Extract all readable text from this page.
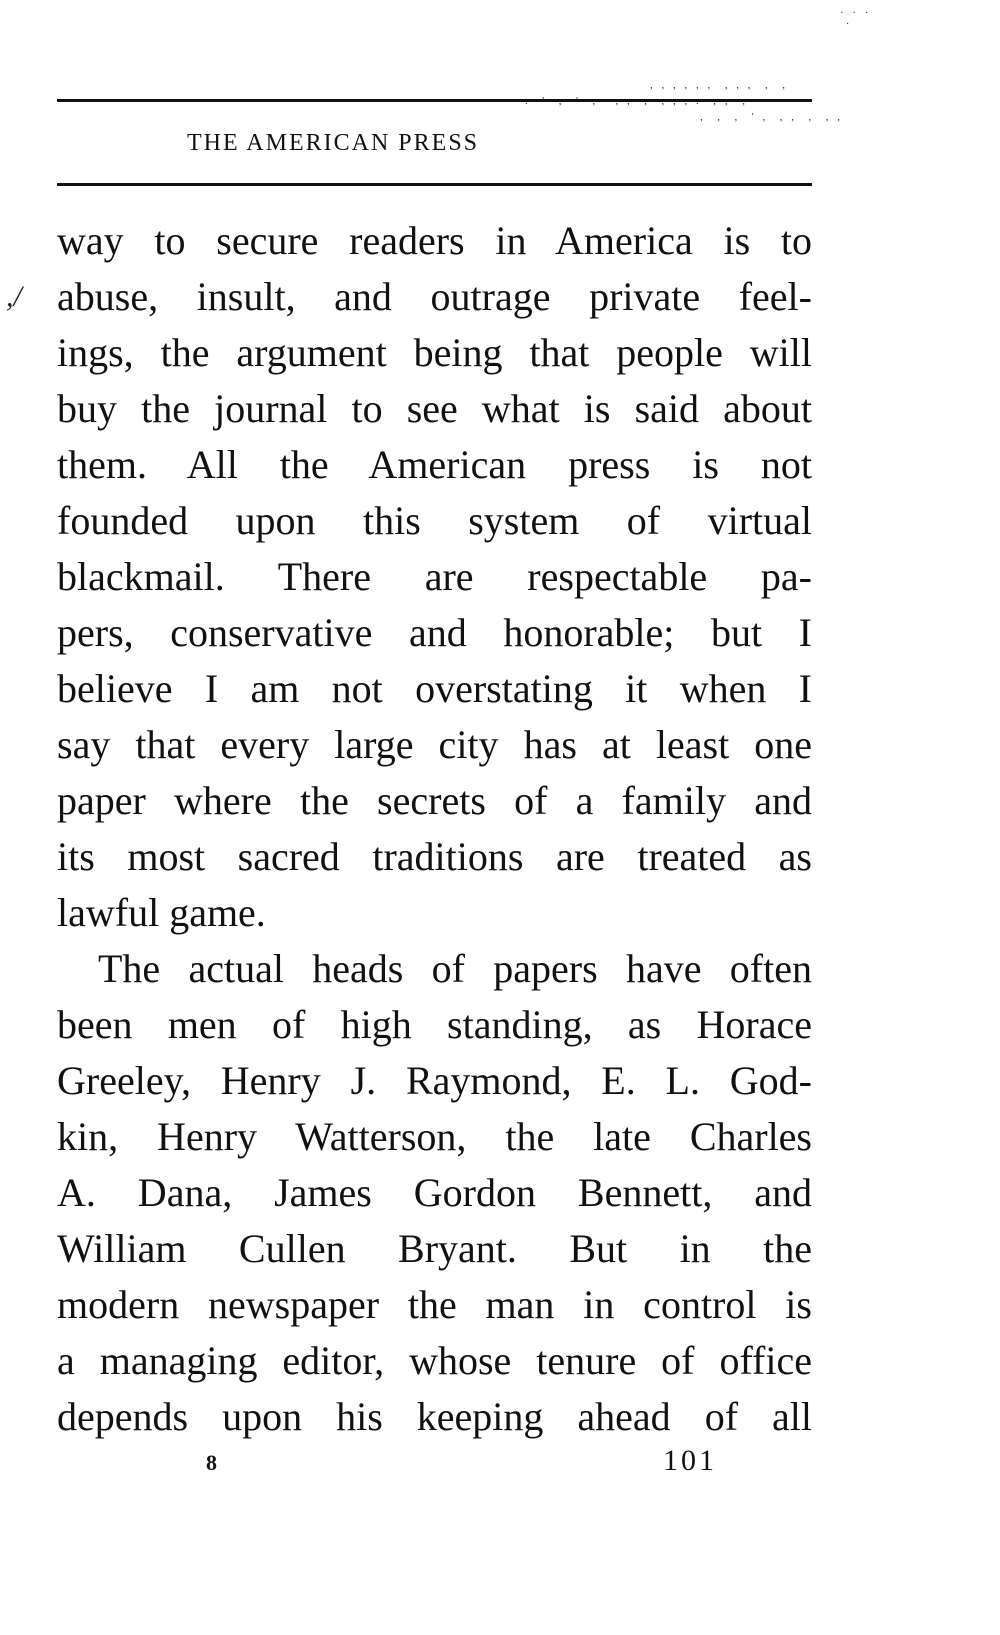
· · ·
·
, , , , , ,  , , ,  ,  ,
.  '  ,  '  ,   , ,  ,  , , , .  , ;  ,
,  ,  ,  ' ,  , ,  ,  , ,
THE AMERICAN PRESS
,/
way to secure readers in America is to
abuse, insult, and outrage private feel-
ings, the argument being that people will
buy the journal to see what is said about
them. All the American press is not
founded upon this system of virtual
blackmail. There are respectable pa-
pers, conservative and honorable; but I
believe I am not overstating it when I
say that every large city has at least one
paper where the secrets of a family and
its most sacred traditions are treated as
lawful game.
The actual heads of papers have often
been men of high standing, as Horace
Greeley, Henry J. Raymond, E. L. God-
kin, Henry Watterson, the late Charles
A. Dana, James Gordon Bennett, and
William Cullen Bryant. But in the
modern newspaper the man in control is
a managing editor, whose tenure of office
depends upon his keeping ahead of all
8	101
